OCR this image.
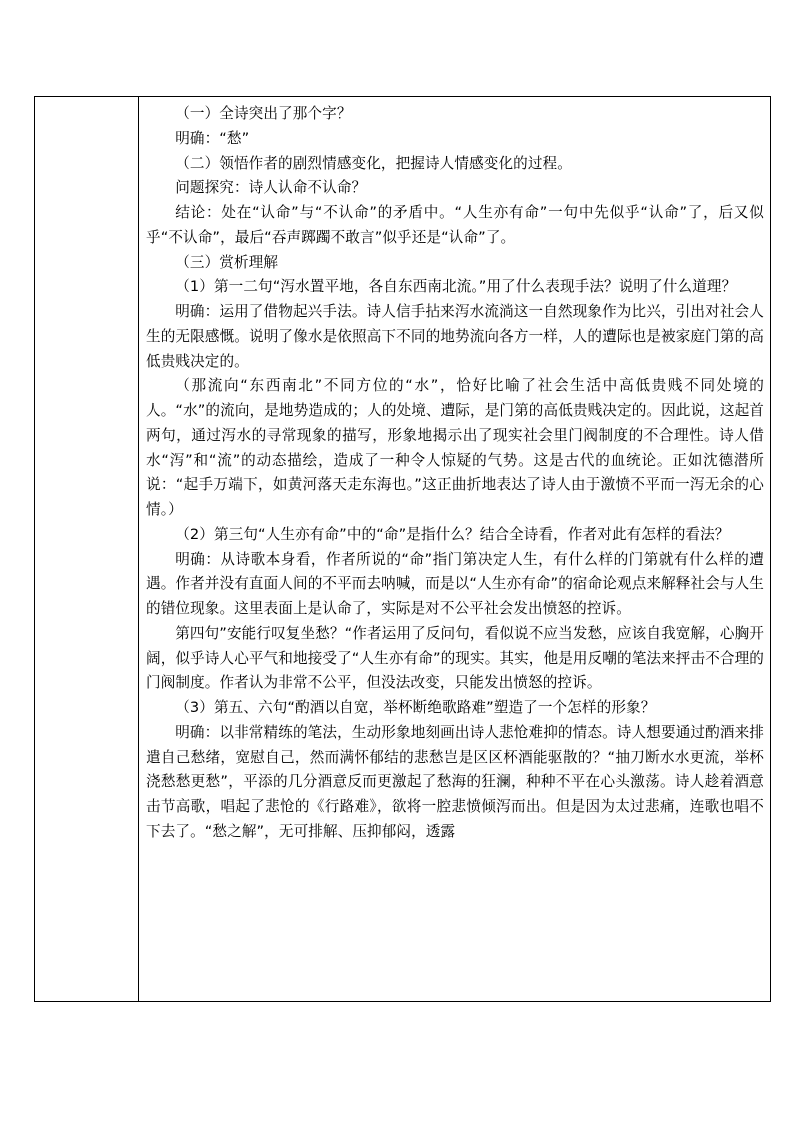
（一）全诗突出了那个字？

明确：“愁”

（二）领悟作者的剧烈情感变化，把握诗人情感变化的过程。

问题探究：诗人认命不认命？

结论：处在“认命”与“不认命”的矛盾中。“人生亦有命”一句中先似乎“认命”了，后又似乎“不认命”，最后“吞声踯躅不敢言”似乎还是“认命”了。

（三）赏析理解

（1）第一二句“泻水置平地，各自东西南北流。”用了什么表现手法？说明了什么道理？

明确：运用了借物起兴手法。诗人信手拈来泻水流淌这一自然现象作为比兴，引出对社会人生的无限感慨。说明了像水是依照高下不同的地势流向各方一样，人的遭际也是被家庭门第的高低贵贱决定的。

（那流向“东西南北”不同方位的“水”，恰好比喻了社会生活中高低贵贱不同处境的人。“水”的流向，是地势造成的；人的处境、遭际，是门第的高低贵贱决定的。因此说，这起首两句，通过泻水的寻常现象的描写，形象地揭示出了现实社会里门阀制度的不合理性。诗人借水“泻”和“流”的动态描绘，造成了一种令人惊疑的气势。这是古代的血统论。正如沈德潜所说：“起手万端下，如黄河落天走东海也。”这正曲折地表达了诗人由于激愤不平而一泻无余的心情。）

（2）第三句“人生亦有命”中的“命”是指什么？结合全诗看，作者对此有怎样的看法？

明确：从诗歌本身看，作者所说的“命”指门第决定人生，有什么样的门第就有什么样的遭遇。作者并没有直面人间的不平而去呐喊，而是以“人生亦有命”的宿命论观点来解释社会与人生的错位现象。这里表面上是认命了，实际是对不公平社会发出愤怒的控诉。

第四句”安能行叹复坐愁？“作者运用了反问句，看似说不应当发愁，应该自我宽解，心胸开阔，似乎诗人心平气和地接受了“人生亦有命”的现实。其实，他是用反嘲的笔法来抨击不合理的门阀制度。作者认为非常不公平，但没法改变，只能发出愤怒的控诉。

（3）第五、六句“酌酒以自宽，举杯断绝歌路难”塑造了一个怎样的形象？

明确：以非常精练的笔法，生动形象地刻画出诗人悲怆难抑的情态。诗人想要通过酌酒来排遣自己愁绪，宽慰自己，然而满怀郁结的悲愁岂是区区杯酒能驱散的？“抽刀断水水更流，举杯浇愁愁更愁”，平添的几分酒意反而更激起了愁海的狂澜，种种不平在心头激荡。诗人趁着酒意击节高歌，唱起了悲怆的《行路难》，欲将一腔悲愤倾泻而出。但是因为太过悲痛，连歌也唱不下去了。“愁之解”，无可排解、压抑郁闷，透露
